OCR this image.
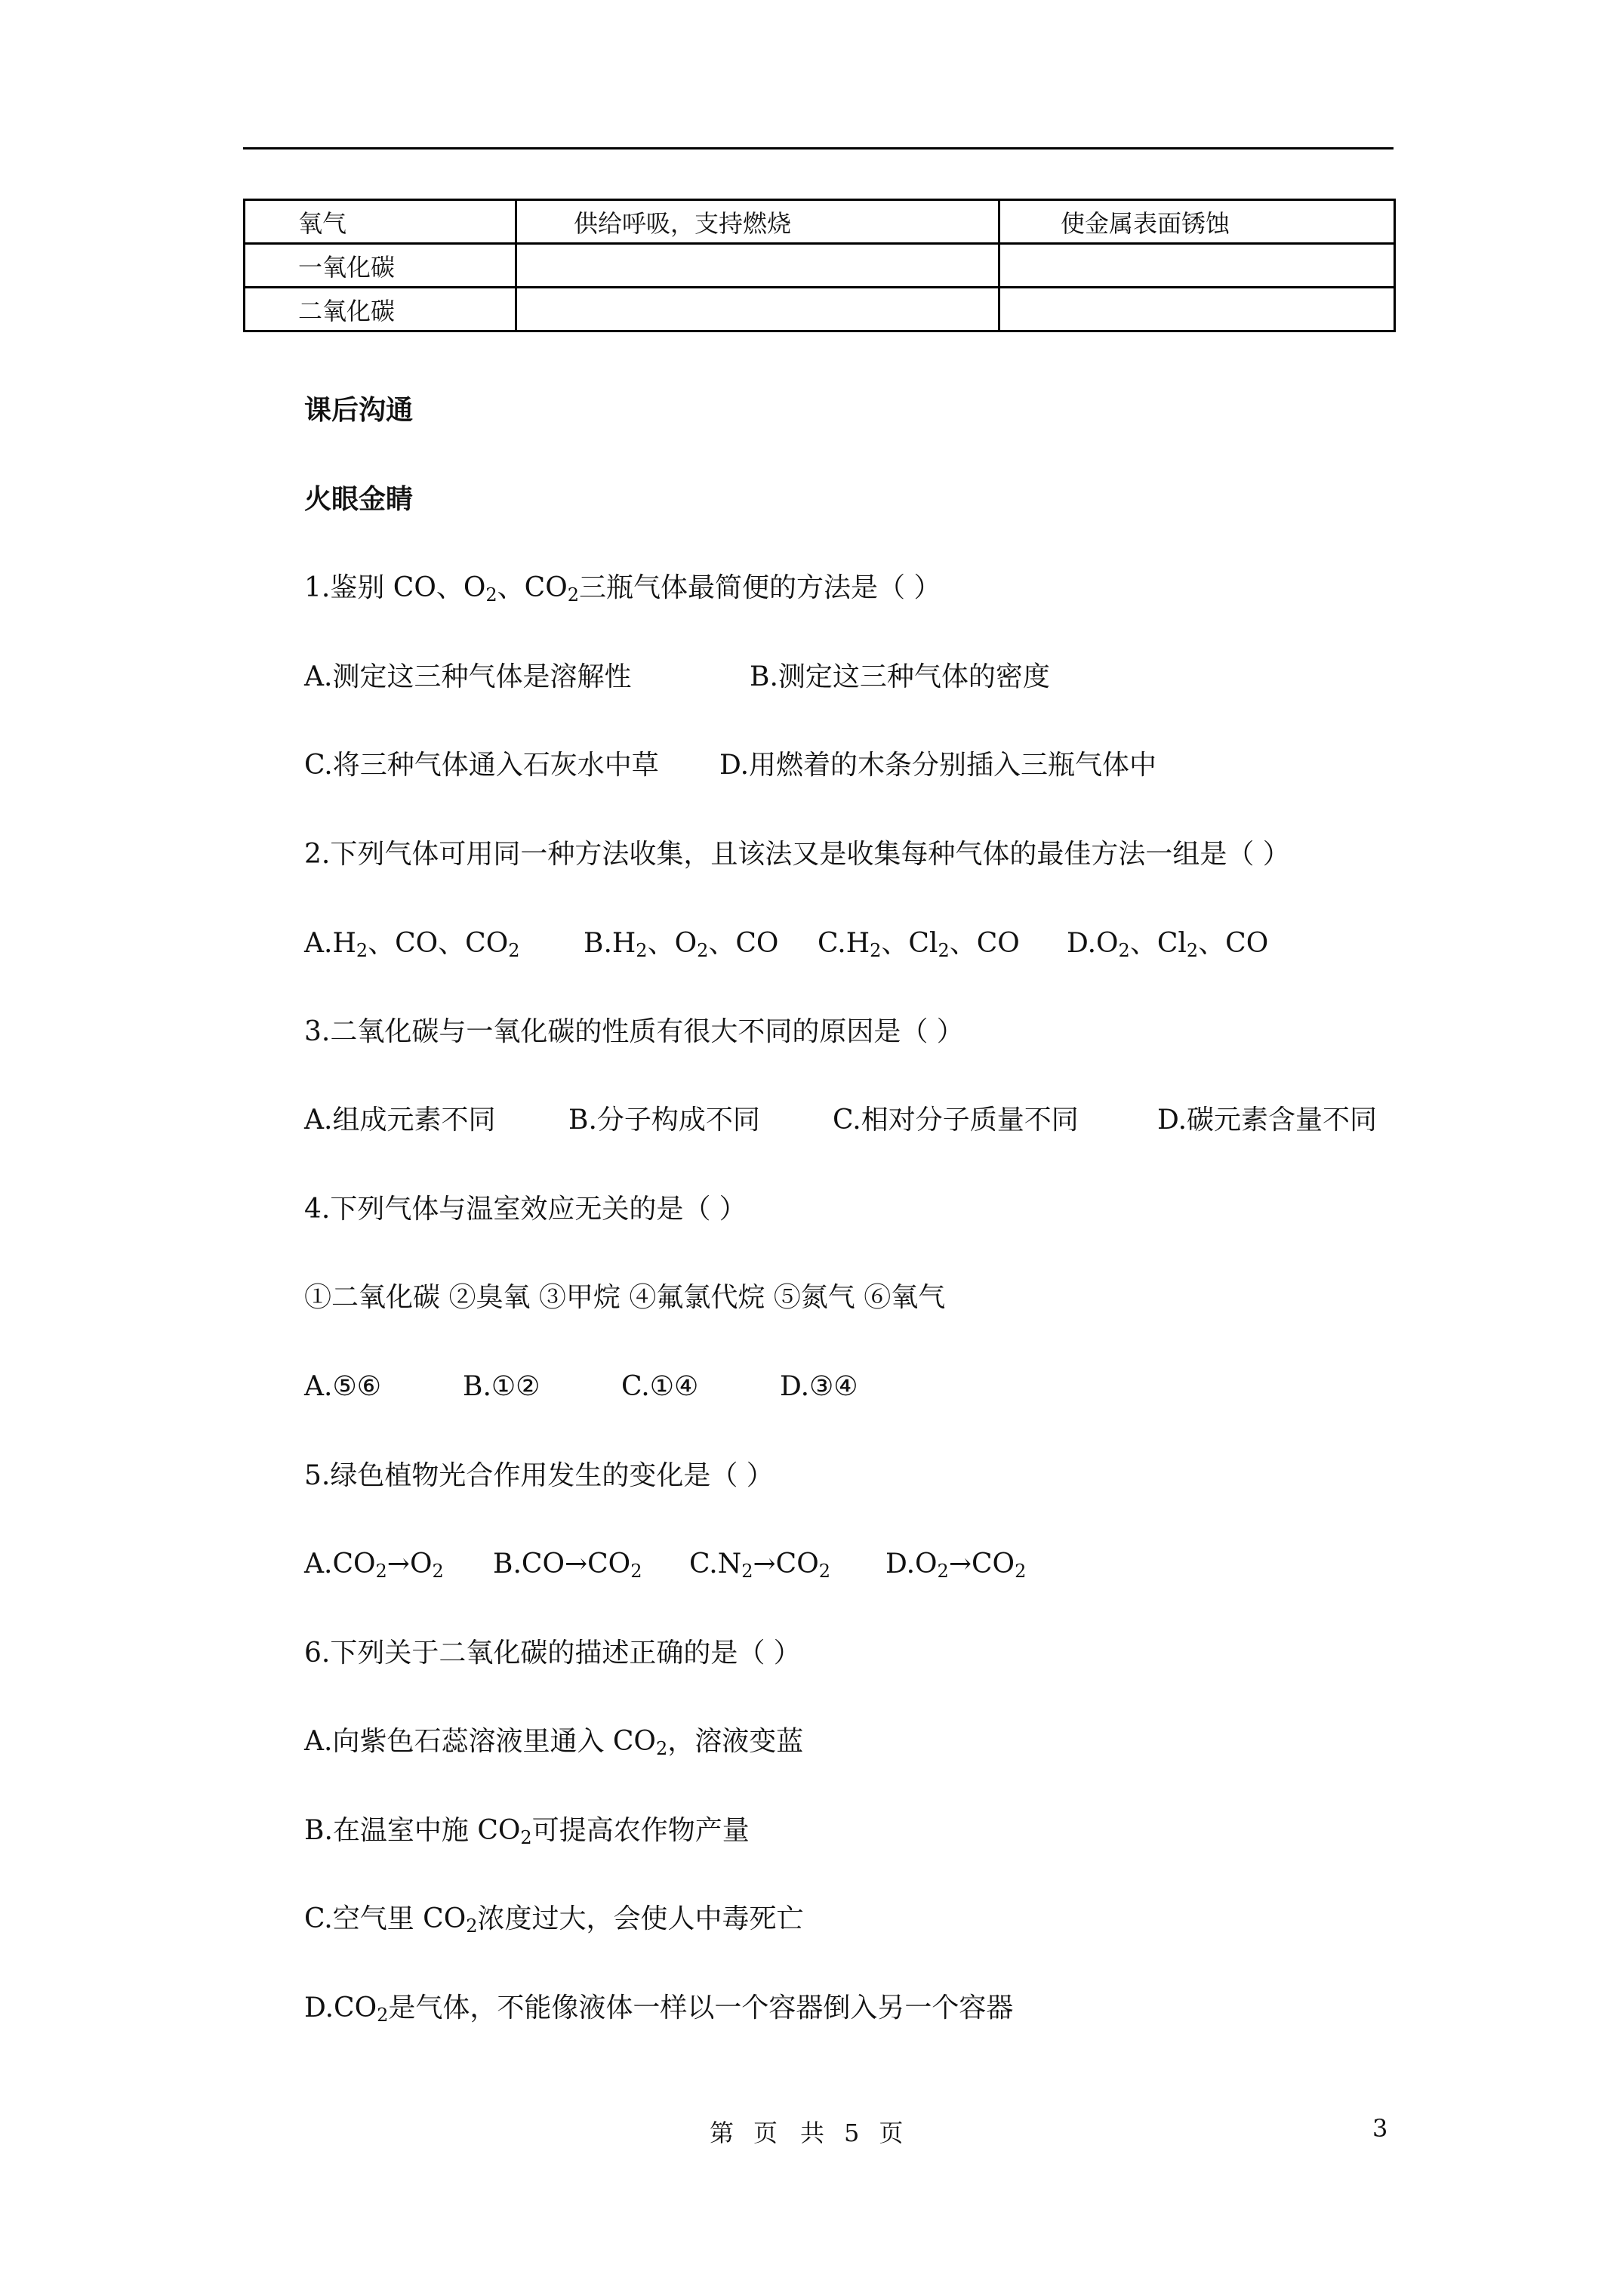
氧气	供给呼吸，支持燃烧	使金属表面锈蚀
一氧化碳		
二氧化碳		

课后沟通

火眼金睛

1.鉴别 CO、$O_2$、$CO_2$三瓶气体最简便的方法是（ ）

A.测定这三种气体是溶解性	B.测定这三种气体的密度
C.将三种气体通入石灰水中草 D.用燃着的木条分别插入三瓶气体中

2.下列气体可用同一种方法收集，且该法又是收集每种气体的最佳方法一组是（ ）

$A.H_2$、CO、$CO_2$ $B.H_2$、$O_2$、CO $C.H_2$、$Cl_2$、CO $D.O_2$、$Cl_2$、CO

3.二氧化碳与一氧化碳的性质有很大不同的原因是（ ）

A.组成元素不同	B.分子构成不同	C.相对分子质量不同	D.碳元素含量不同

4.下列气体与温室效应无关的是（ ）

①二氧化碳 ②臭氧 ③甲烷 ④氟氯代烷 ⑤氮气 ⑥氧气

A.⑤⑥	B.①②	C.①④	D.③④

5.绿色植物光合作用发生的变化是（ ）

$A.CO_2\to O_2$ $B.CO\to CO_2$ $C.N_2\to CO_2$ $D.O_2\to CO_2$

6.下列关于二氧化碳的描述正确的是（ ）

A.向紫色石蕊溶液里通入 $CO_2$，溶液变蓝

B.在温室中施 $CO_2$可提高农作物产量

C.空气里 $CO_2$浓度过大，会使人中毒死亡

$D.CO_2$是气体，不能像液体一样以一个容器倒入另一个容器

第 页 共 5 页	3
